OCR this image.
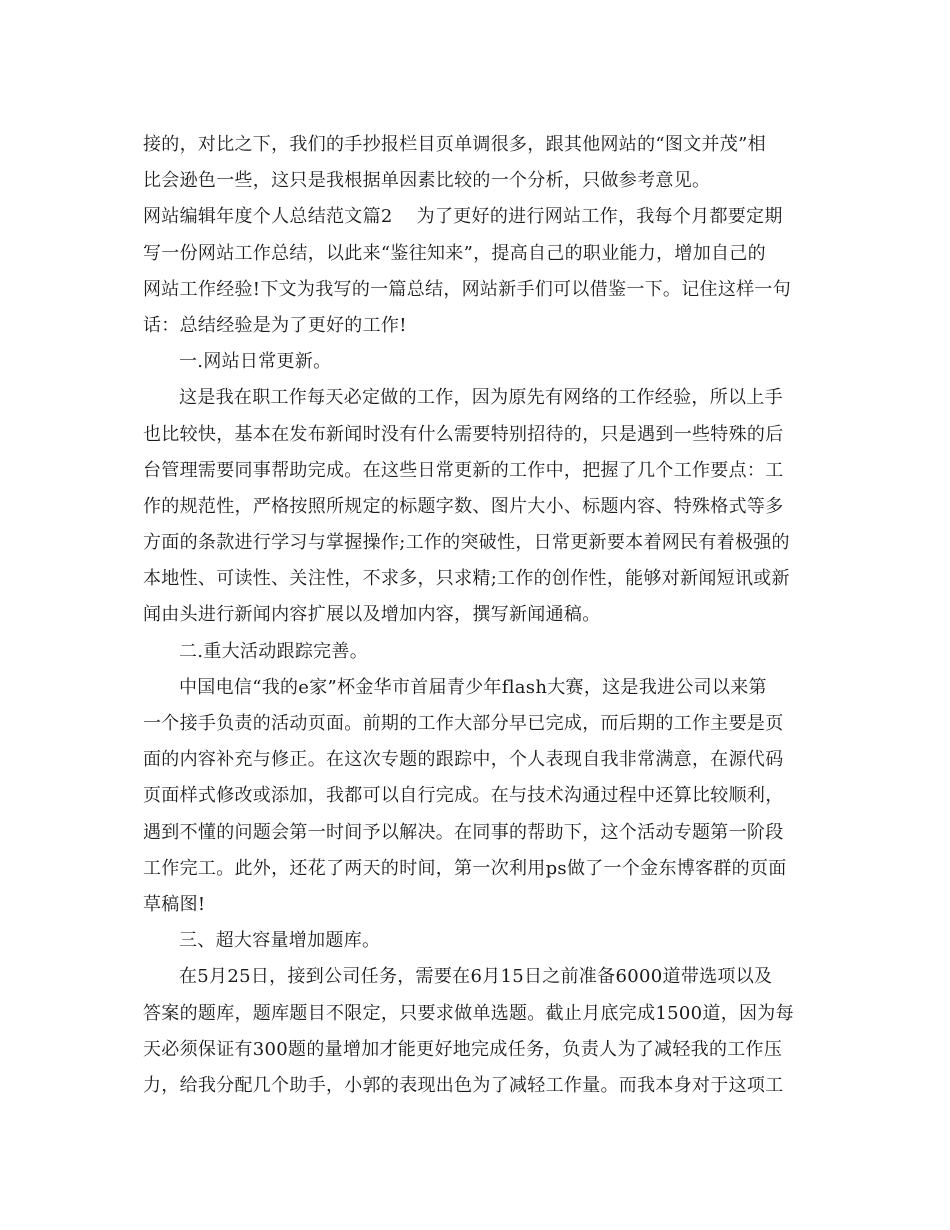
接的，对比之下，我们的手抄报栏目页单调很多，跟其他网站的“图文并茂”相
比会逊色一些，这只是我根据单因素比较的一个分析，只做参考意见。
网站编辑年度个人总结范文篇2 为了更好的进行网站工作，我每个月都要定期
写一份网站工作总结，以此来“鉴往知来”，提高自己的职业能力，增加自己的
网站工作经验!下文为我写的一篇总结，网站新手们可以借鉴一下。记住这样一句
话：总结经验是为了更好的工作!
一.网站日常更新。
这是我在职工作每天必定做的工作，因为原先有网络的工作经验，所以上手
也比较快，基本在发布新闻时没有什么需要特别招待的，只是遇到一些特殊的后
台管理需要同事帮助完成。在这些日常更新的工作中，把握了几个工作要点：工
作的规范性，严格按照所规定的标题字数、图片大小、标题内容、特殊格式等多
方面的条款进行学习与掌握操作;工作的突破性，日常更新要本着网民有着极强的
本地性、可读性、关注性，不求多，只求精;工作的创作性，能够对新闻短讯或新
闻由头进行新闻内容扩展以及增加内容，撰写新闻通稿。
二.重大活动跟踪完善。
中国电信“我的e家”杯金华市首届青少年flash大赛，这是我进公司以来第
一个接手负责的活动页面。前期的工作大部分早已完成，而后期的工作主要是页
面的内容补充与修正。在这次专题的跟踪中，个人表现自我非常满意，在源代码
页面样式修改或添加，我都可以自行完成。在与技术沟通过程中还算比较顺利，
遇到不懂的问题会第一时间予以解决。在同事的帮助下，这个活动专题第一阶段
工作完工。此外，还花了两天的时间，第一次利用ps做了一个金东博客群的页面
草稿图!
三、超大容量增加题库。
在5月25日，接到公司任务，需要在6月15日之前准备6000道带选项以及
答案的题库，题库题目不限定，只要求做单选题。截止月底完成1500道，因为每
天必须保证有300题的量增加才能更好地完成任务，负责人为了减轻我的工作压
力，给我分配几个助手，小郭的表现出色为了减轻工作量。而我本身对于这项工
